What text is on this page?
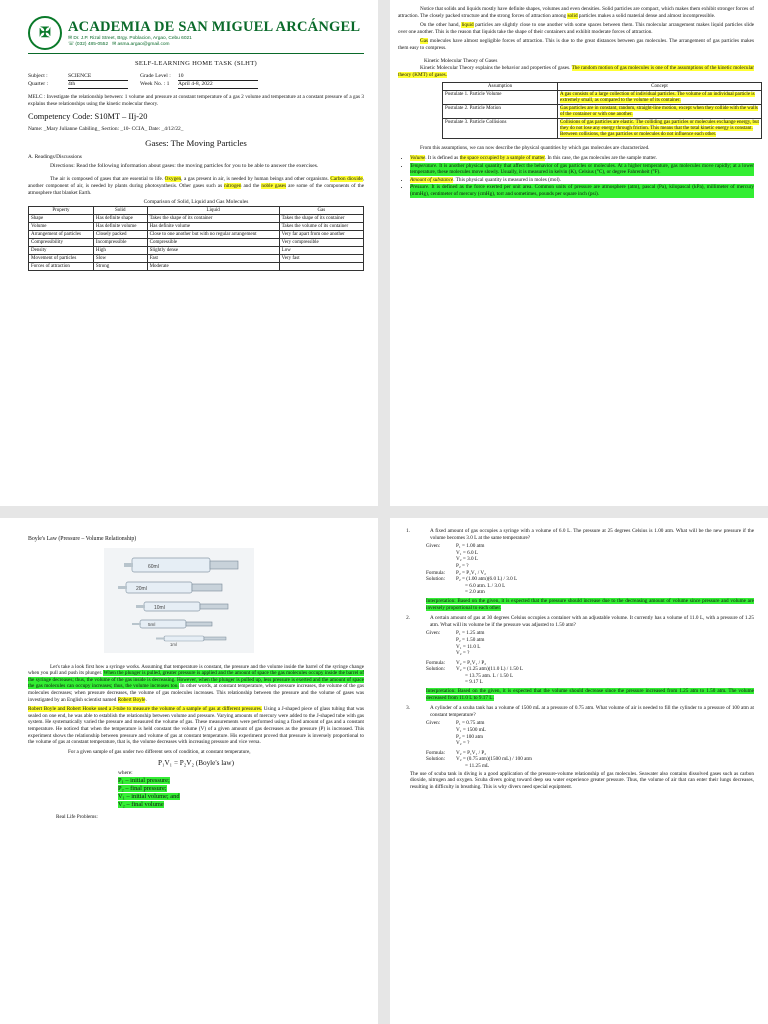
✠	ACADEMIA DE SAN MIGUEL ARCÁNGEL
✉ Dr. J.P. Rizal Street, Brgy. Poblacion, Argao, Cebu 6021
☏ (032) 485-0552 ✉ asma.argao@gmail.com
SELF-LEARNING HOME TASK (SLHT)
Subject :	SCIENCE	Grade Level :	10
Quarter :	4th	Week No. : 1	April 4-8, 2022

MELC : Investigate the relationship between: 1 volume and pressure at constant temperature of a gas 2 volume and temperature at a constant pressure of a gas 3 explains these relationships using the kinetic molecular theory.

Competency Code: S10MT – IIj-20
Name: _Mary Julianne Cabiling_ Section: _10- CCIA_ Date: _4/12/22_
Gases: The Moving Particles
A. Readings/Discussions

Directions: Read the following information about gases: the moving particles for you to be able to answer the exercises.

The air is composed of gases that are essential to life. Oxygen, a gas present in air, is needed by human beings and other organisms. Carbon dioxide, another component of air, is needed by plants during photosynthesis. Other gases such as nitrogen and the noble gases are some of the components of the atmosphere that blanket Earth.

Comparison of Solid, Liquid and Gas Molecules
Property	Solid	Liquid	Gas
Shape	Has definite shape	Takes the shape of its container	Takes the shape of its container
Volume	Has definite volume	Has definite volume	Takes the volume of its container
Arrangement of particles	Closely packed	Close to one another but with no regular arrangement	Very far apart from one another
Compressibility	Incompressible	Compressible	Very compressible
Density	High	Slightly dense	Low
Movement of particles	Slow	Fast	Very fast
Forces of attraction	Strong	Moderate	

Notice that solids and liquids mostly have definite shapes, volumes and even densities. Solid particles are compact, which makes them exhibit stronger forces of attraction. The closely packed structure and the strong forces of attraction among solid particles makes a solid material dense and almost incompressible.

On the other hand, liquid particles are slightly close to one another with some spaces between them. This molecular arrangement makes liquid particles slide over one another. This is the reason that liquids take the shape of their containers and exhibit moderate forces of attraction.

Gas molecules have almost negligible forces of attraction. This is due to the great distances between gas molecules. The arrangement of gas particles makes them easy to compress.

Kinetic Molecular Theory of Gases

Kinetic Molecular Theory explains the behavior and properties of gases. The random motion of gas molecules is one of the assumptions of the kinetic molecular theory (KMT) of gases.

Assumption	Concept
Postulate 1. Particle Volume	A gas consists of a large collection of individual particles. The volume of an individual particle is extremely small, as compared to the volume of its container.
Postulate 2. Particle Motion	Gas particles are in constant, random, straight-line motion, except when they collide with the walls of the container or with one another.
Postulate 3. Particle Collisions	Collisions of gas particles are elastic. The colliding gas particles or molecules exchange energy, but they do not lose any energy through friction. This means that the total kinetic energy is constant. Between collisions, the gas particles or molecules do not influence each other.

From this assumptions, we can now describe the physical quantities by which gas molecules are characterized.

• Volume. It is defined as the space occupied by a sample of matter. In this case, the gas molecules are the sample matter.
• Temperature. It is another physical quantity that affect the behavior of gas particles or molecules. At a higher temperature, gas molecules move rapidly; at a lower temperature, these molecules move slowly. Usually, it is measured in kelvin (K), Celsius (°C), or degree Fahrenheit (°F).
• Amount of substance. This physical quantity is measured in moles (mol).
• Pressure. It is defined as the force exerted per unit area. Common units of pressure are atmosphere (atm), pascal (Pa), kilopascal (kPa), millimeter of mercury (mmHg), centimeter of mercury (cmHg), torr and sometimes, pounds per square inch (psi).

Boyle's Law (Pressure – Volume Relationship)

60ml
20ml
10ml
5ml
1ml

Let's take a look first how a syringe works. Assuming that temperature is constant, the pressure and the volume inside the barrel of the syringe change when you pull and push its plunger. When the plunger is pulled, greater pressure is applied and the amount of space the gas molecules occupy inside the barrel of the syringe decreases; thus, the volume of the gas inside is decreasing. However, when the plunger is pulled up, less pressure is exerted and the amount of space the gas molecules can occupy increases; thus, the volume increases too. In other words, at constant temperature, when pressure increases, the volume of the gas molecules decreases; when pressure decreases, the volume of gas molecules increases. This relationship between the pressure and the volume of gases was investigated by an English scientist named Robert Boyle.

Robert Boyle and Robert Hooke used a J-tube to measure the volume of a sample of gas at different pressures. Using a J-shaped piece of glass tubing that was sealed on one end, he was able to establish the relationship between volume and pressure. Varying amounts of mercury were added to the J-shaped tube with gas system. He systematically varied the pressure and measured the volume of gas. These measurements were performed using a fixed amount of gas and a constant temperature. He noticed that when the temperature is held constant the volume (V) of a given amount of gas decreases as the pressure (P) is increased. This experiment shows the relationship between pressure and volume of gas at constant temperature. His experiment proved that pressure is inversely proportional to the volume of gas at constant temperature, that is, the volume decreases with increasing pressure and vice versa.

For a given sample of gas under two different sets of condition, at constant temperature,

P₁V₁ = P₂V₂ (Boyle's law)
where:
P₁ – initial pressure;
P₂ – final pressure;
V₁ – initial volume; and
V₂ – final volume

Real Life Problems:

1.	A fixed amount of gas occupies a syringe with a volume of 6.0 L. The pressure at 25 degrees Celsius is 1.00 atm. What will be the new pressure if the volume becomes 3.0 L at the same temperature?

Given:	P₁ = 1.00 atm
V₁ = 6.0 L
V₂ = 3.0 L
P₂ = ?
Formula:	P₂ = P₁V₁ / V₂
Solution:	P₂ = (1.00 atm)(6.0 L) / 3.0 L
= 6.0 atm. L / 3.0 L
= 2.0 atm

Interpretation: Based on the given, it is expected that the pressure should increase due to the decreasing amount of volume since pressure and volume are inversely proportional to each other.

2.	A certain amount of gas at 30 degrees Celsius occupies a container with an adjustable volume. It currently has a volume of 11.0 L, with a pressure of 1.25 atm. What will its volume be if the pressure was adjusted to 1.50 atm?

Given:	P₁ = 1.25 atm
P₂ = 1.50 atm
V₁ = 11.0 L
V₂ = ?
Formula:	V₂ = P₁V₁ / P₂
Solution:	V₂ = (1.25 atm)(11.0 L) / 1.50 L
= 13.75 atm. L / 1.50 L
= 9.17 L

Interpretation: Based on the given, it is expected that the volume should decrease since the pressure increased from 1.25 atm to 1.50 atm. The volume decreased from 11.0 L to 9.17 L.

3.	A cylinder of a scuba tank has a volume of 1500 mL at a pressure of 0.75 atm. What volume of air is needed to fill the cylinder to a pressure of 100 atm at constant temperature?

Given:	P₁ = 0.75 atm
V₁ = 1500 mL
P₂ = 100 atm
V₂ = ?
Formula:	V₂ = P₁V₁ / P₂
Solution:	V₂ = (0.75 atm)(1500 mL) / 100 atm
= 11.25 mL

The use of scuba tank in diving is a good application of the pressure-volume relationship of gas molecules. Seawater also contains dissolved gases such as carbon dioxide, nitrogen and oxygen. Scuba divers going toward deep sea water experience greater pressure. Thus, the volume of air that can enter their lungs decreases, resulting in difficulty in breathing. This is why divers need special equipment.
